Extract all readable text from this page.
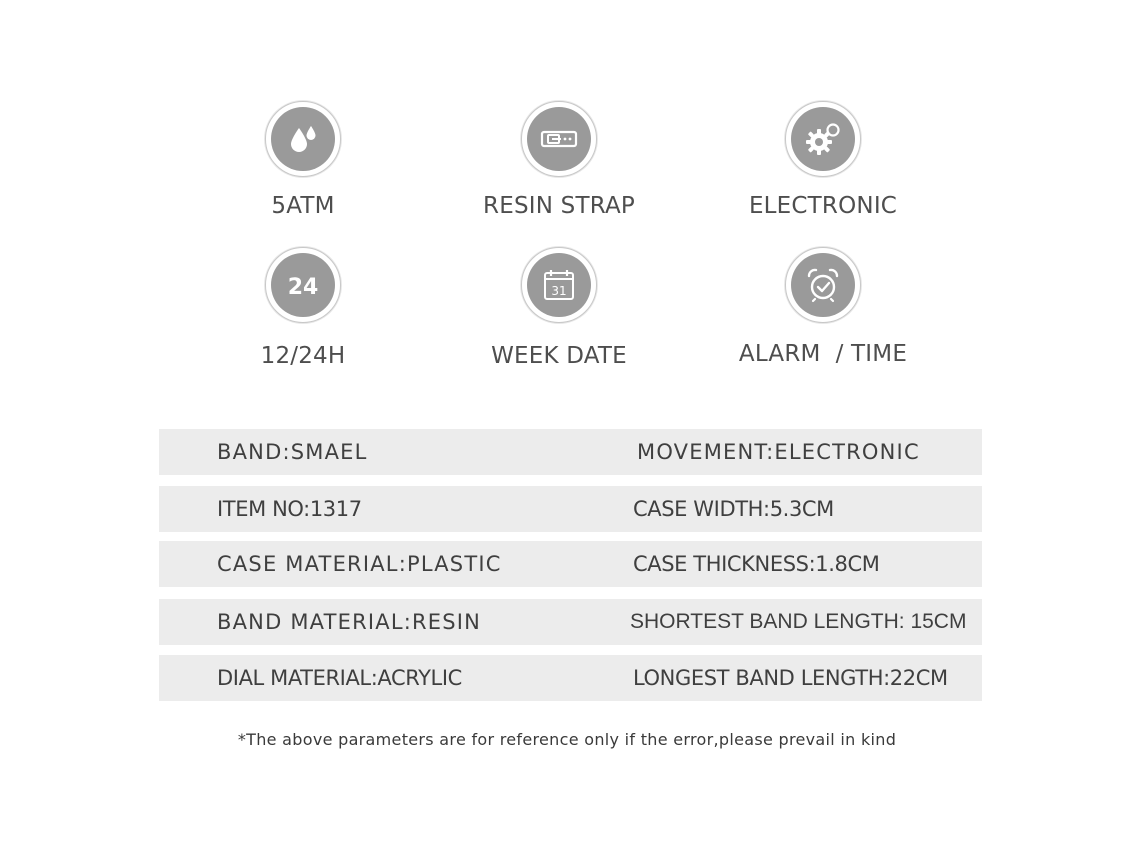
5ATM	RESIN STRAP	ELECTRONIC
24
12/24H
31
WEEK DATE	ALARM  / TIME
BAND:SMAEL	MOVEMENT:ELECTRONIC
ITEM NO:1317	CASE WIDTH:5.3CM
CASE MATERIAL:PLASTIC	CASE THICKNESS:1.8CM
BAND MATERIAL:RESIN	SHORTEST BAND LENGTH: 15CM
DIAL MATERIAL:ACRYLIC	LONGEST BAND LENGTH:22CM
*The above parameters are for reference only if the error,please prevail in kind
